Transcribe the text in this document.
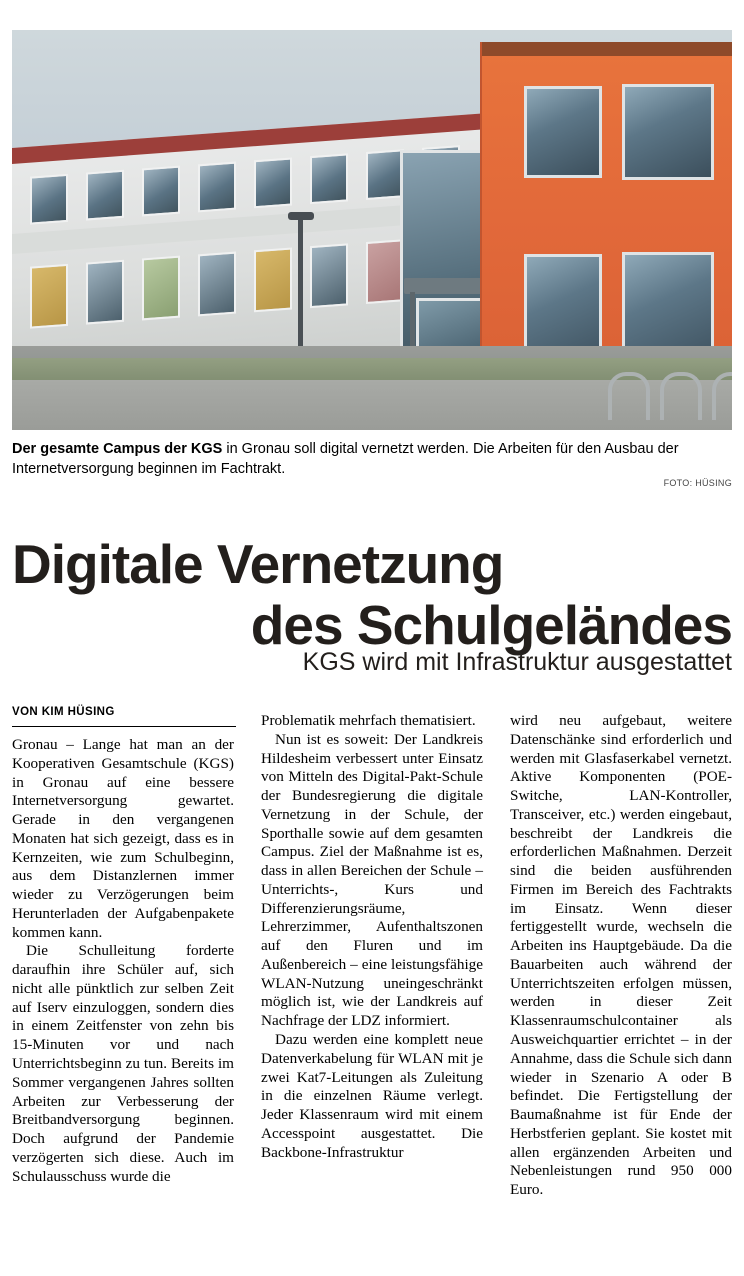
Der gesamte Campus der KGS in Gronau soll digital vernetzt werden. Die Arbeiten für den Ausbau der Internetversorgung beginnen im Fachtrakt.
FOTO: HÜSING
Digitale Vernetzung
des Schulgeländes
KGS wird mit Infrastruktur ausgestattet
VON KIM HÜSING

Gronau – Lange hat man an der Kooperativen Gesamtschule (KGS) in Gronau auf eine bessere Internetversorgung gewartet. Gerade in den vergangenen Monaten hat sich gezeigt, dass es in Kernzeiten, wie zum Schulbeginn, aus dem Distanzlernen immer wieder zu Verzögerungen beim Herunterladen der Aufgabenpakete kommen kann.

Die Schulleitung forderte daraufhin ihre Schüler auf, sich nicht alle pünktlich zur selben Zeit auf Iserv einzuloggen, sondern dies in einem Zeitfenster von zehn bis 15-Minuten vor und nach Unterrichtsbeginn zu tun. Bereits im Sommer vergangenen Jahres sollten Arbeiten zur Verbesserung der Breitbandversorgung beginnen. Doch aufgrund der Pandemie verzögerten sich diese. Auch im Schulausschuss wurde die

Problematik mehrfach thematisiert.

Nun ist es soweit: Der Landkreis Hildesheim verbessert unter Einsatz von Mitteln des Digital-Pakt-Schule der Bundesregierung die digitale Vernetzung in der Schule, der Sporthalle sowie auf dem gesamten Campus. Ziel der Maßnahme ist es, dass in allen Bereichen der Schule – Unterrichts-, Kurs und Differenzierungsräume, Lehrerzimmer, Aufenthaltszonen auf den Fluren und im Außenbereich – eine leistungsfähige WLAN-Nutzung uneingeschränkt möglich ist, wie der Landkreis auf Nachfrage der LDZ informiert.

Dazu werden eine komplett neue Datenverkabelung für WLAN mit je zwei Kat7-Leitungen als Zuleitung in die einzelnen Räume verlegt. Jeder Klassenraum wird mit einem Accesspoint ausgestattet. Die Backbone-Infrastruktur

wird neu aufgebaut, weitere Datenschänke sind erforderlich und werden mit Glasfaserkabel vernetzt. Aktive Komponenten (POE-Switche, LAN-Kontroller, Transceiver, etc.) werden eingebaut, beschreibt der Landkreis die erforderlichen Maßnahmen. Derzeit sind die beiden ausführenden Firmen im Bereich des Fachtrakts im Einsatz. Wenn dieser fertiggestellt wurde, wechseln die Arbeiten ins Hauptgebäude. Da die Bauarbeiten auch während der Unterrichtszeiten erfolgen müssen, werden in dieser Zeit Klassenraumschulcontainer als Ausweichquartier errichtet – in der Annahme, dass die Schule sich dann wieder in Szenario A oder B befindet. Die Fertigstellung der Baumaßnahme ist für Ende der Herbstferien geplant. Sie kostet mit allen ergänzenden Arbeiten und Nebenleistungen rund 950 000 Euro.
